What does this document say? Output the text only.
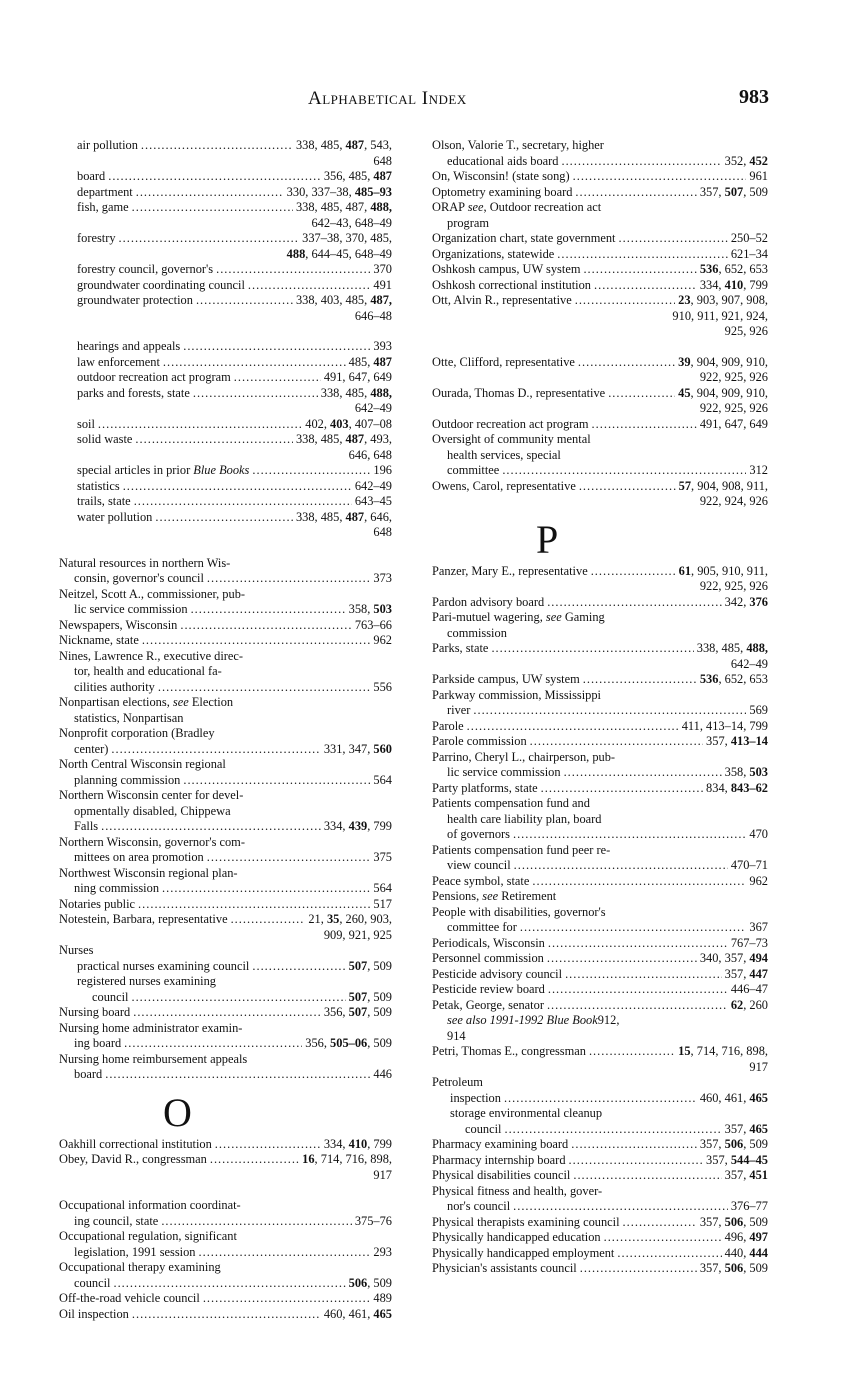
Alphabetical Index	983
air pollution .....	338, 485, 487, 543,
648
board .....	356, 485, 487
department .....	330, 337–38, 485–93
fish, game .....	338, 485, 487, 488,
642–43, 648–49
forestry .....	337–38, 370, 485,
488, 644–45, 648–49
forestry council, governor's .....	370
groundwater coordinating council .....	491
groundwater protection .....	338, 403, 485, 487,
646–48
hearings and appeals .....	393
law enforcement .....	485, 487
outdoor recreation act program .....	491, 647, 649
parks and forests, state .....	338, 485, 488,
642–49
soil .....	402, 403, 407–08
solid waste .....	338, 485, 487, 493,
646, 648
special articles in prior Blue Books .....	196
statistics .....	642–49
trails, state .....	643–45
water pollution .....	338, 485, 487, 646,
648
Natural resources in northern Wis-
consin, governor's council .....	373
Neitzel, Scott A., commissioner, pub-
lic service commission .....	358, 503
Newspapers, Wisconsin .....	763–66
Nickname, state .....	962
Nines, Lawrence R., executive direc-
tor, health and educational fa-
cilities authority .....	556
Nonpartisan elections, see Election
statistics, Nonpartisan
Nonprofit corporation (Bradley
center) .....	331, 347, 560
North Central Wisconsin regional
planning commission .....	564
Northern Wisconsin center for devel-
opmentally disabled, Chippewa
Falls .....	334, 439, 799
Northern Wisconsin, governor's com-
mittees on area promotion .....	375
Northwest Wisconsin regional plan-
ning commission .....	564
Notaries public .....	517
Notestein, Barbara, representative .....	21, 35, 260, 903,
909, 921, 925
Nurses
practical nurses examining council .....	507, 509
registered nurses examining
council .....	507, 509
Nursing board .....	356, 507, 509
Nursing home administrator examin-
ing board .....	356, 505–06, 509
Nursing home reimbursement appeals
board .....	446
O
Oakhill correctional institution .....	334, 410, 799
Obey, David R., congressman .....	16, 714, 716, 898,
917
Occupational information coordinat-
ing council, state .....	375–76
Occupational regulation, significant
legislation, 1991 session .....	293
Occupational therapy examining
council .....	506, 509
Off-the-road vehicle council .....	489
Oil inspection .....	460, 461, 465
Olson, Valorie T., secretary, higher
educational aids board .....	352, 452
On, Wisconsin! (state song) .....	961
Optometry examining board .....	357, 507, 509
ORAP see, Outdoor recreation act
program
Organization chart, state government .....	250–52
Organizations, statewide .....	621–34
Oshkosh campus, UW system .....	536, 652, 653
Oshkosh correctional institution .....	334, 410, 799
Ott, Alvin R., representative .....	23, 903, 907, 908,
910, 911, 921, 924,
925, 926
Otte, Clifford, representative .....	39, 904, 909, 910,
922, 925, 926
Ourada, Thomas D., representative .....	45, 904, 909, 910,
922, 925, 926
Outdoor recreation act program .....	491, 647, 649
Oversight of community mental
health services, special
committee .....	312
Owens, Carol, representative .....	57, 904, 908, 911,
922, 924, 926
P
Panzer, Mary E., representative .....	61, 905, 910, 911,
922, 925, 926
Pardon advisory board .....	342, 376
Pari-mutuel wagering, see Gaming
commission
Parks, state .....	338, 485, 488,
642–49
Parkside campus, UW system .....	536, 652, 653
Parkway commission, Mississippi
river .....	569
Parole .....	411, 413–14, 799
Parole commission .....	357, 413–14
Parrino, Cheryl L., chairperson, pub-
lic service commission .....	358, 503
Party platforms, state .....	834, 843–62
Patients compensation fund and
health care liability plan, board
of governors .....	470
Patients compensation fund peer re-
view council .....	470–71
Peace symbol, state .....	962
Pensions, see Retirement
People with disabilities, governor's
committee for .....	367
Periodicals, Wisconsin .....	767–73
Personnel commission .....	340, 357, 494
Pesticide advisory council .....	357, 447
Pesticide review board .....	446–47
Petak, George, senator .....	62, 260
see also 1991-1992 Blue Book 912,
914
Petri, Thomas E., congressman .....	15, 714, 716, 898,
917
Petroleum
inspection .....	460, 461, 465
storage environmental cleanup
council .....	357, 465
Pharmacy examining board .....	357, 506, 509
Pharmacy internship board .....	357, 544–45
Physical disabilities council .....	357, 451
Physical fitness and health, gover-
nor's council .....	376–77
Physical therapists examining council .....	357, 506, 509
Physically handicapped education .....	496, 497
Physically handicapped employment .....	440, 444
Physician's assistants council .....	357, 506, 509
